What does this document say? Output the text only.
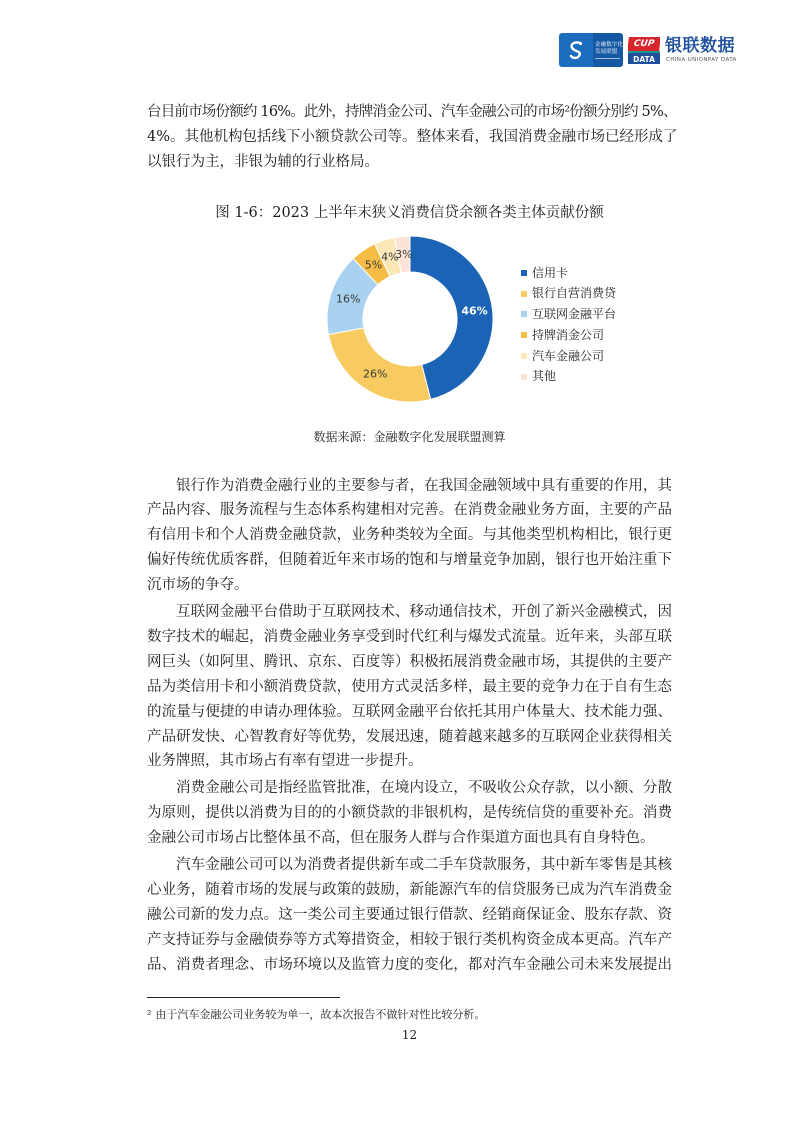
金融数字化
发展联盟
CUP
DATA
银联数据
CHINA UNIONPAY DATA
台目前市场份额约 16%。此外，持牌消金公司、汽车金融公司的市场²份额分别约 5%、
4%。其他机构包括线下小额贷款公司等。整体来看，我国消费金融市场已经形成了
以银行为主，非银为辅的行业格局。
图 1-6：2023 上半年末狭义消费信贷余额各类主体贡献份额
46%
26%
16%
5%
4%
3%
信用卡
银行自营消费贷
互联网金融平台
持牌消金公司
汽车金融公司
其他
数据来源：金融数字化发展联盟测算
银行作为消费金融行业的主要参与者，在我国金融领域中具有重要的作用，其
产品内容、服务流程与生态体系构建相对完善。在消费金融业务方面，主要的产品
有信用卡和个人消费金融贷款，业务种类较为全面。与其他类型机构相比，银行更
偏好传统优质客群，但随着近年来市场的饱和与增量竞争加剧，银行也开始注重下
沉市场的争夺。
互联网金融平台借助于互联网技术、移动通信技术，开创了新兴金融模式，因
数字技术的崛起，消费金融业务享受到时代红利与爆发式流量。近年来，头部互联
网巨头（如阿里、腾讯、京东、百度等）积极拓展消费金融市场，其提供的主要产
品为类信用卡和小额消费贷款，使用方式灵活多样，最主要的竞争力在于自有生态
的流量与便捷的申请办理体验。互联网金融平台依托其用户体量大、技术能力强、
产品研发快、心智教育好等优势，发展迅速，随着越来越多的互联网企业获得相关
业务牌照，其市场占有率有望进一步提升。
消费金融公司是指经监管批准，在境内设立，不吸收公众存款，以小额、分散
为原则，提供以消费为目的的小额贷款的非银机构，是传统信贷的重要补充。消费
金融公司市场占比整体虽不高，但在服务人群与合作渠道方面也具有自身特色。
汽车金融公司可以为消费者提供新车或二手车贷款服务，其中新车零售是其核
心业务，随着市场的发展与政策的鼓励，新能源汽车的信贷服务已成为汽车消费金
融公司新的发力点。这一类公司主要通过银行借款、经销商保证金、股东存款、资
产支持证券与金融债券等方式筹措资金，相较于银行类机构资金成本更高。汽车产
品、消费者理念、市场环境以及监管力度的变化，都对汽车金融公司未来发展提出
² 由于汽车金融公司业务较为单一，故本次报告不做针对性比较分析。
12
